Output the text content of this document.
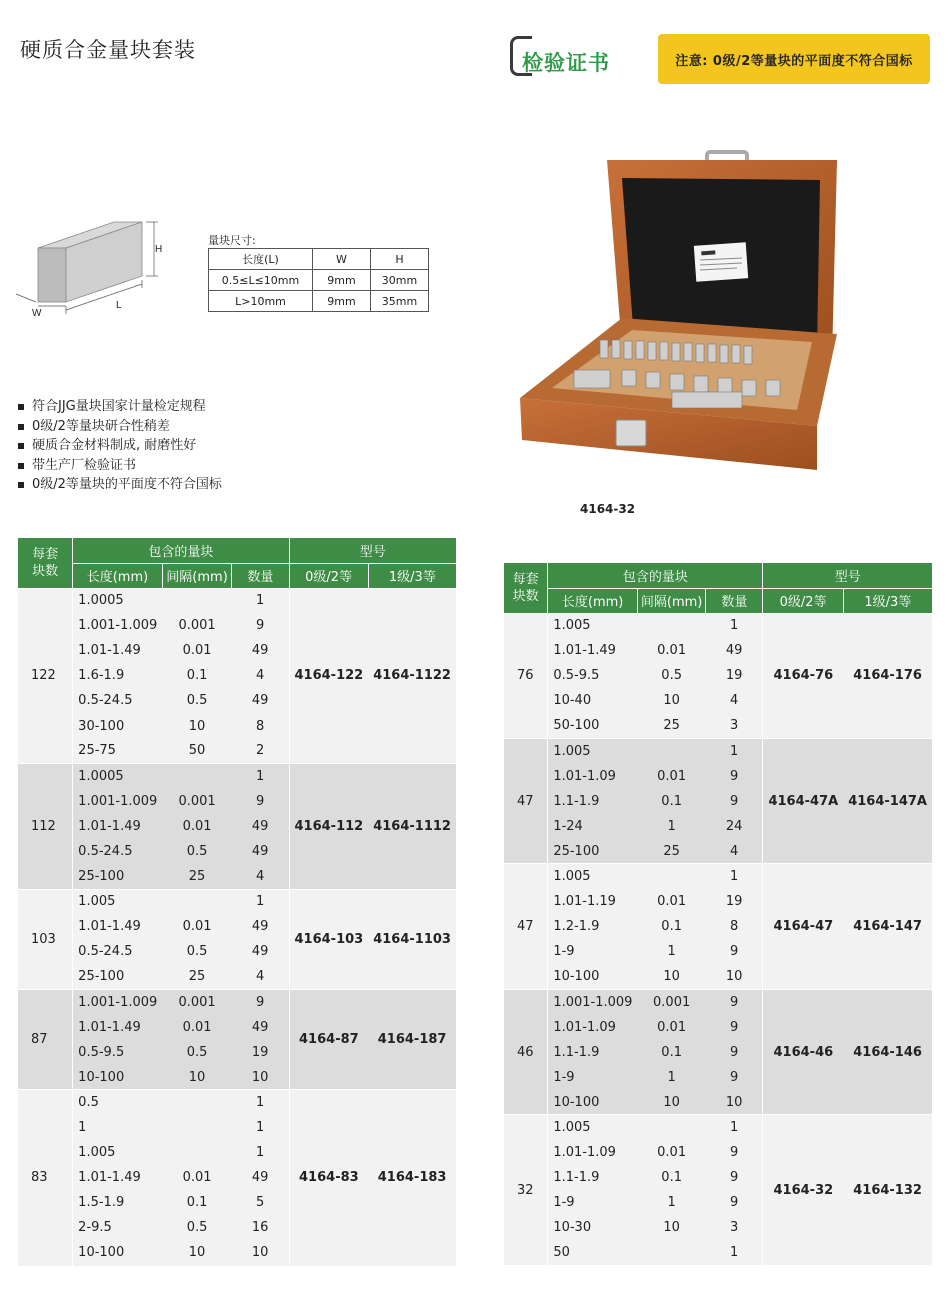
硬质合金量块套装
检验证书	注意: 0级/2等量块的平面度不符合国标
H
W
L
量块尺寸:
长度(L)	W	H
0.5≤L≤10mm	9mm	30mm
L>10mm	9mm	35mm
符合JJG量块国家计量检定规程
0级/2等量块研合性稍差
硬质合金材料制成, 耐磨性好
带生产厂检验证书
0级/2等量块的平面度不符合国标
4164-32
每套
块数	包含的量块			型号	
	长度(mm)	间隔(mm)	数量	0级/2等	1级/3等
122	1.0005		1	4164-122	4164-1122
	1.001-1.009	0.001	9		
	1.01-1.49	0.01	49		
	1.6-1.9	0.1	4		
	0.5-24.5	0.5	49		
	30-100	10	8		
	25-75	50	2		
112	1.0005		1	4164-112	4164-1112
	1.001-1.009	0.001	9		
	1.01-1.49	0.01	49		
	0.5-24.5	0.5	49		
	25-100	25	4		
103	1.005		1	4164-103	4164-1103
	1.01-1.49	0.01	49		
	0.5-24.5	0.5	49		
	25-100	25	4		
87	1.001-1.009	0.001	9	4164-87	4164-187
	1.01-1.49	0.01	49		
	0.5-9.5	0.5	19		
	10-100	10	10		
83	0.5		1	4164-83	4164-183
	1		1		
	1.005		1		
	1.01-1.49	0.01	49		
	1.5-1.9	0.1	5		
	2-9.5	0.5	16		
	10-100	10	10		
每套
块数	包含的量块			型号	
	长度(mm)	间隔(mm)	数量	0级/2等	1级/3等
76	1.005		1	4164-76	4164-176
	1.01-1.49	0.01	49		
	0.5-9.5	0.5	19		
	10-40	10	4		
	50-100	25	3		
47	1.005		1	4164-47A	4164-147A
	1.01-1.09	0.01	9		
	1.1-1.9	0.1	9		
	1-24	1	24		
	25-100	25	4		
47	1.005		1	4164-47	4164-147
	1.01-1.19	0.01	19		
	1.2-1.9	0.1	8		
	1-9	1	9		
	10-100	10	10		
46	1.001-1.009	0.001	9	4164-46	4164-146
	1.01-1.09	0.01	9		
	1.1-1.9	0.1	9		
	1-9	1	9		
	10-100	10	10		
32	1.005		1	4164-32	4164-132
	1.01-1.09	0.01	9		
	1.1-1.9	0.1	9		
	1-9	1	9		
	10-30	10	3		
	50		1		
